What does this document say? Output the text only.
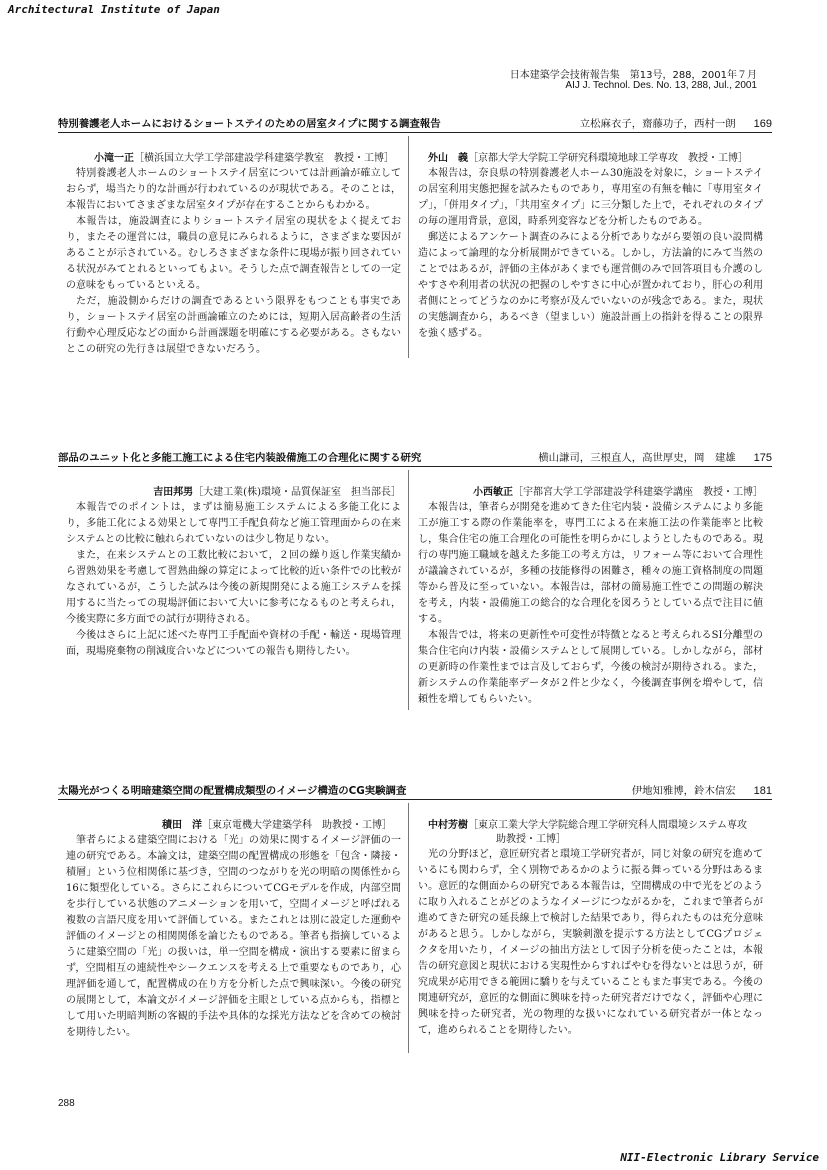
Architectural Institute of Japan
日本建築学会技術報告集　第13号，288，2001年７月
AIJ J. Technol. Des. No. 13, 288, Jul., 2001
特別養護老人ホームにおけるショートステイのための居室タイプに関する調査報告	立松麻衣子，齋藤功子，西村一朗 169

小滝一正［横浜国立大学工学部建設学科建築学教室　教授・工博］

特別養護老人ホームのショートステイ居室については計画論が確立しておらず，場当たり的な計画が行われているのが現状である。そのことは，本報告においてさまざまな居室タイプが存在することからもわかる。

本報告は，施設調査によりショートステイ居室の現状をよく捉えており，またその運営には，職員の意見にみられるように，さまざまな要因があることが示されている。むしろさまざまな条件に現場が振り回されている状況がみてとれるといってもよい。そうした点で調査報告としての一定の意味をもっているといえる。

ただ，施設側からだけの調査であるという限界をもつことも事実であり，ショートステイ居室の計画論確立のためには，短期入居高齢者の生活行動や心理反応などの面から計画課題を明確にする必要がある。さもないとこの研究の先行きは展望できないだろう。

外山　義［京都大学大学院工学研究科環境地球工学専攻　教授・工博］

本報告は，奈良県の特別養護老人ホーム30施設を対象に，ショートステイの居室利用実態把握を試みたものであり，専用室の有無を軸に「専用室タイプ」，「併用タイプ」，「共用室タイプ」に三分類した上で，それぞれのタイプの毎の運用背景，意図，時系列変容などを分析したものである。

郵送によるアンケート調査のみによる分析でありながら要領の良い設問構造によって論理的な分析展開ができている。しかし，方法論的にみて当然のことではあるが，評価の主体があくまでも運営側のみで回答項目も介護のしやすさや利用者の状況の把握のしやすさに中心が置かれており，肝心の利用者側にとってどうなのかに考察が及んでいないのが残念である。また，現状の実態調査から，あるべき（望ましい）施設計画上の指針を得ることの限界を強く感ずる。

部品のユニット化と多能工施工による住宅内装設備施工の合理化に関する研究	横山謙司，三根直人，高世厚史，岡　建雄 175

吉田邦男［大建工業(株)環境・品質保証室　担当部長］

本報告でのポイントは，まずは簡易施工システムによる多能工化により，多能工化による効果として専門工手配負荷など施工管理面からの在来システムとの比較に触れられていないのは少し物足りない。

また，在来システムとの工数比較において，２回の繰り返し作業実績から習熟効果を考慮して習熟曲線の算定によって比較的近い条件での比較がなされているが，こうした試みは今後の新規開発による施工システムを採用するに当たっての現場評価において大いに参考になるものと考えられ，今後実際に多方面での試行が期待される。

今後はさらに上記に述べた専門工手配面や資材の手配・輸送・現場管理面，現場廃棄物の削減度合いなどについての報告も期待したい。

小西敏正［宇都宮大学工学部建設学科建築学講座　教授・工博］

本報告は，筆者らが開発を進めてきた住宅内装・設備システムにより多能工が施工する際の作業能率を，専門工による在来施工法の作業能率と比較し，集合住宅の施工合理化の可能性を明らかにしようとしたものである。現行の専門施工職域を越えた多能工の考え方は，リフォーム等において合理性が議論されているが，多種の技能修得の困難さ，種々の施工資格制度の問題等から普及に至っていない。本報告は，部材の簡易施工性でこの問題の解決を考え，内装・設備施工の総合的な合理化を図ろうとしている点で注目に値する。

本報告では，将来の更新性や可変性が特徴となると考えられるSI分離型の集合住宅向け内装・設備システムとして展開している。しかしながら，部材の更新時の作業性までは言及しておらず，今後の検討が期待される。また，新システムの作業能率データが２件と少なく，今後調査事例を増やして，信頼性を増してもらいたい。

太陽光がつくる明暗建築空間の配置構成類型のイメージ構造のCG実験調査	伊地知雅博，鈴木信宏 181

積田　洋［東京電機大学建築学科　助教授・工博］

筆者らによる建築空間における「光」の効果に関するイメージ評価の一連の研究である。本論文は，建築空間の配置構成の形態を「包含・隣接・積層」という位相関係に基づき，空間のつながりを光の明暗の関係性から16に類型化している。さらにこれらについてCGモデルを作成，内部空間を歩行している状態のアニメーションを用いて，空間イメージと呼ばれる複数の言語尺度を用いて評価している。またこれとは別に設定した運動や評価のイメージとの相関関係を論じたものである。筆者も指摘しているように建築空間の「光」の扱いは，単一空間を構成・演出する要素に留まらず，空間相互の連続性やシークエンスを考える上で重要なものであり，心理評価を通して，配置構成の在り方を分析した点で興味深い。今後の研究の展開として，本論文がイメージ評価を主眼としている点からも，指標として用いた明暗判断の客観的手法や具体的な採光方法などを含めての検討を期待したい。

中村芳樹［東京工業大学大学院総合理工学研究科人間環境システム専攻

助教授・工博］

光の分野ほど，意匠研究者と環境工学研究者が，同じ対象の研究を進めているにも関わらず，全く別物であるかのように振る舞っている分野はあるまい。意匠的な側面からの研究である本報告は，空間構成の中で光をどのように取り入れることがどのようなイメージにつながるかを，これまで筆者らが進めてきた研究の延長線上で検討した結果であり，得られたものは充分意味があると思う。しかしながら，実験刺激を提示する方法としてCGプロジェクタを用いたり，イメージの抽出方法として因子分析を使ったことは，本報告の研究意図と現状における実現性からすればやむを得ないとは思うが，研究成果が応用できる範囲に驕りを与えていることもまた事実である。今後の関連研究が，意匠的な側面に興味を持った研究者だけでなく，評価や心理に興味を持った研究者，光の物理的な扱いになれている研究者が一体となって，進められることを期待したい。

288
NII-Electronic Library Service
